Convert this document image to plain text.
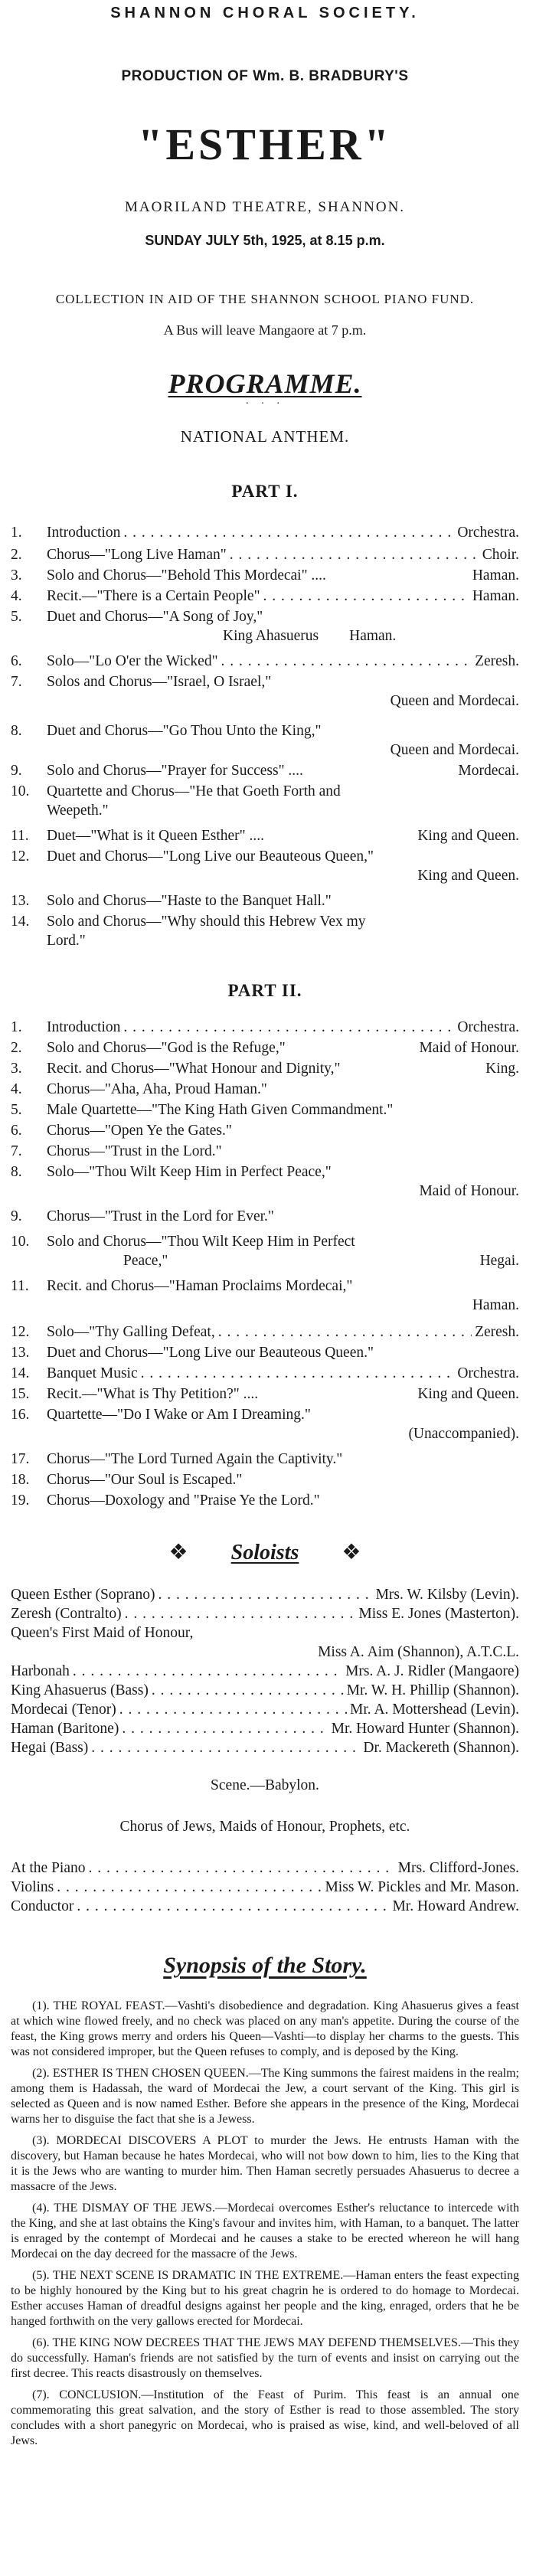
SHANNON CHORAL SOCIETY.
PRODUCTION OF Wm. B. BRADBURY'S
"ESTHER"
MAORILAND THEATRE, SHANNON.
SUNDAY JULY 5th, 1925, at 8.15 p.m.
COLLECTION IN AID OF THE SHANNON SCHOOL PIANO FUND.
A Bus will leave Mangaore at 7 p.m.
PROGRAMME.
· · ·
NATIONAL ANTHEM.
PART I.
1. Introduction . . .	Orchestra.
2. Chorus—"Long Live Haman" . . .	Choir.
3. Solo and Chorus—"Behold This Mordecai" ....	Haman.
4. Recit.—"There is a Certain People" . . .	Haman.
5. Duet and Chorus—"A Song of Joy,"
King Ahasuerus Haman.
6. Solo—"Lo O'er the Wicked" . . .	Zeresh.
7. Solos and Chorus—"Israel, O Israel,"
Queen and Mordecai.
8. Duet and Chorus—"Go Thou Unto the King,"
Queen and Mordecai.
9. Solo and Chorus—"Prayer for Success" ....	Mordecai.
10. Quartette and Chorus—"He that Goeth Forth and
Weepeth."
11. Duet—"What is it Queen Esther" ....	King and Queen.
12. Duet and Chorus—"Long Live our Beauteous Queen,"
King and Queen.
13. Solo and Chorus—"Haste to the Banquet Hall."
14. Solo and Chorus—"Why should this Hebrew Vex my
Lord."
PART II.
1. Introduction . . .	Orchestra.
2. Solo and Chorus—"God is the Refuge,"	Maid of Honour.
3. Recit. and Chorus—"What Honour and Dignity,"	King.
4. Chorus—"Aha, Aha, Proud Haman."
5. Male Quartette—"The King Hath Given Commandment."
6. Chorus—"Open Ye the Gates."
7. Chorus—"Trust in the Lord."
8. Solo—"Thou Wilt Keep Him in Perfect Peace,"
Maid of Honour.
9. Chorus—"Trust in the Lord for Ever."
10. Solo and Chorus—"Thou Wilt Keep Him in Perfect
Peace,"	Hegai.
11. Recit. and Chorus—"Haman Proclaims Mordecai,"
Haman.
12. Solo—"Thy Galling Defeat, . . .	Zeresh.
13. Duet and Chorus—"Long Live our Beauteous Queen."
14. Banquet Music . . .	Orchestra.
15. Recit.—"What is Thy Petition?" ....	King and Queen.
16. Quartette—"Do I Wake or Am I Dreaming."
(Unaccompanied).
17. Chorus—"The Lord Turned Again the Captivity."
18. Chorus—"Our Soul is Escaped."
19. Chorus—Doxology and "Praise Ye the Lord."
❖ Soloists ❖
Queen Esther (Soprano) . . .	Mrs. W. Kilsby (Levin).
Zeresh (Contralto) . . .	Miss E. Jones (Masterton).
Queen's First Maid of Honour,
Miss A. Aim (Shannon), A.T.C.L.
Harbonah . . .	Mrs. A. J. Ridler (Mangaore)
King Ahasuerus (Bass) . . .	Mr. W. H. Phillip (Shannon).
Mordecai (Tenor) . . .	Mr. A. Mottershead (Levin).
Haman (Baritone) . . .	Mr. Howard Hunter (Shannon).
Hegai (Bass) . . .	Dr. Mackereth (Shannon).
Scene.—Babylon.
Chorus of Jews, Maids of Honour, Prophets, etc.
At the Piano . . .	Mrs. Clifford-Jones.
Violins . . .	Miss W. Pickles and Mr. Mason.
Conductor . . .	Mr. Howard Andrew.
Synopsis of the Story.

(1). THE ROYAL FEAST.—Vashti's disobedience and degradation. King Ahasuerus gives a feast at which wine flowed freely, and no check was placed on any man's appetite. During the course of the feast, the King grows merry and orders his Queen—Vashti—to display her charms to the guests. This was not considered improper, but the Queen refuses to comply, and is deposed by the King.

(2). ESTHER IS THEN CHOSEN QUEEN.—The King summons the fairest maidens in the realm; among them is Hadassah, the ward of Mordecai the Jew, a court servant of the King. This girl is selected as Queen and is now named Esther. Before she appears in the presence of the King, Mordecai warns her to disguise the fact that she is a Jewess.

(3). MORDECAI DISCOVERS A PLOT to murder the Jews. He entrusts Haman with the discovery, but Haman because he hates Mordecai, who will not bow down to him, lies to the King that it is the Jews who are wanting to murder him. Then Haman secretly persuades Ahasuerus to decree a massacre of the Jews.

(4). THE DISMAY OF THE JEWS.—Mordecai overcomes Esther's reluctance to intercede with the King, and she at last obtains the King's favour and invites him, with Haman, to a banquet. The latter is enraged by the contempt of Mordecai and he causes a stake to be erected whereon he will hang Mordecai on the day decreed for the massacre of the Jews.

(5). THE NEXT SCENE IS DRAMATIC IN THE EXTREME.—Haman enters the feast expecting to be highly honoured by the King but to his great chagrin he is ordered to do homage to Mordecai. Esther accuses Haman of dreadful designs against her people and the king, enraged, orders that he be hanged forthwith on the very gallows erected for Mordecai.

(6). THE KING NOW DECREES THAT THE JEWS MAY DEFEND THEMSELVES.—This they do successfully. Haman's friends are not satisfied by the turn of events and insist on carrying out the first decree. This reacts disastrously on themselves.

(7). CONCLUSION.—Institution of the Feast of Purim. This feast is an annual one commemorating this great salvation, and the story of Esther is read to those assembled. The story concludes with a short panegyric on Mordecai, who is praised as wise, kind, and well-beloved of all Jews.
